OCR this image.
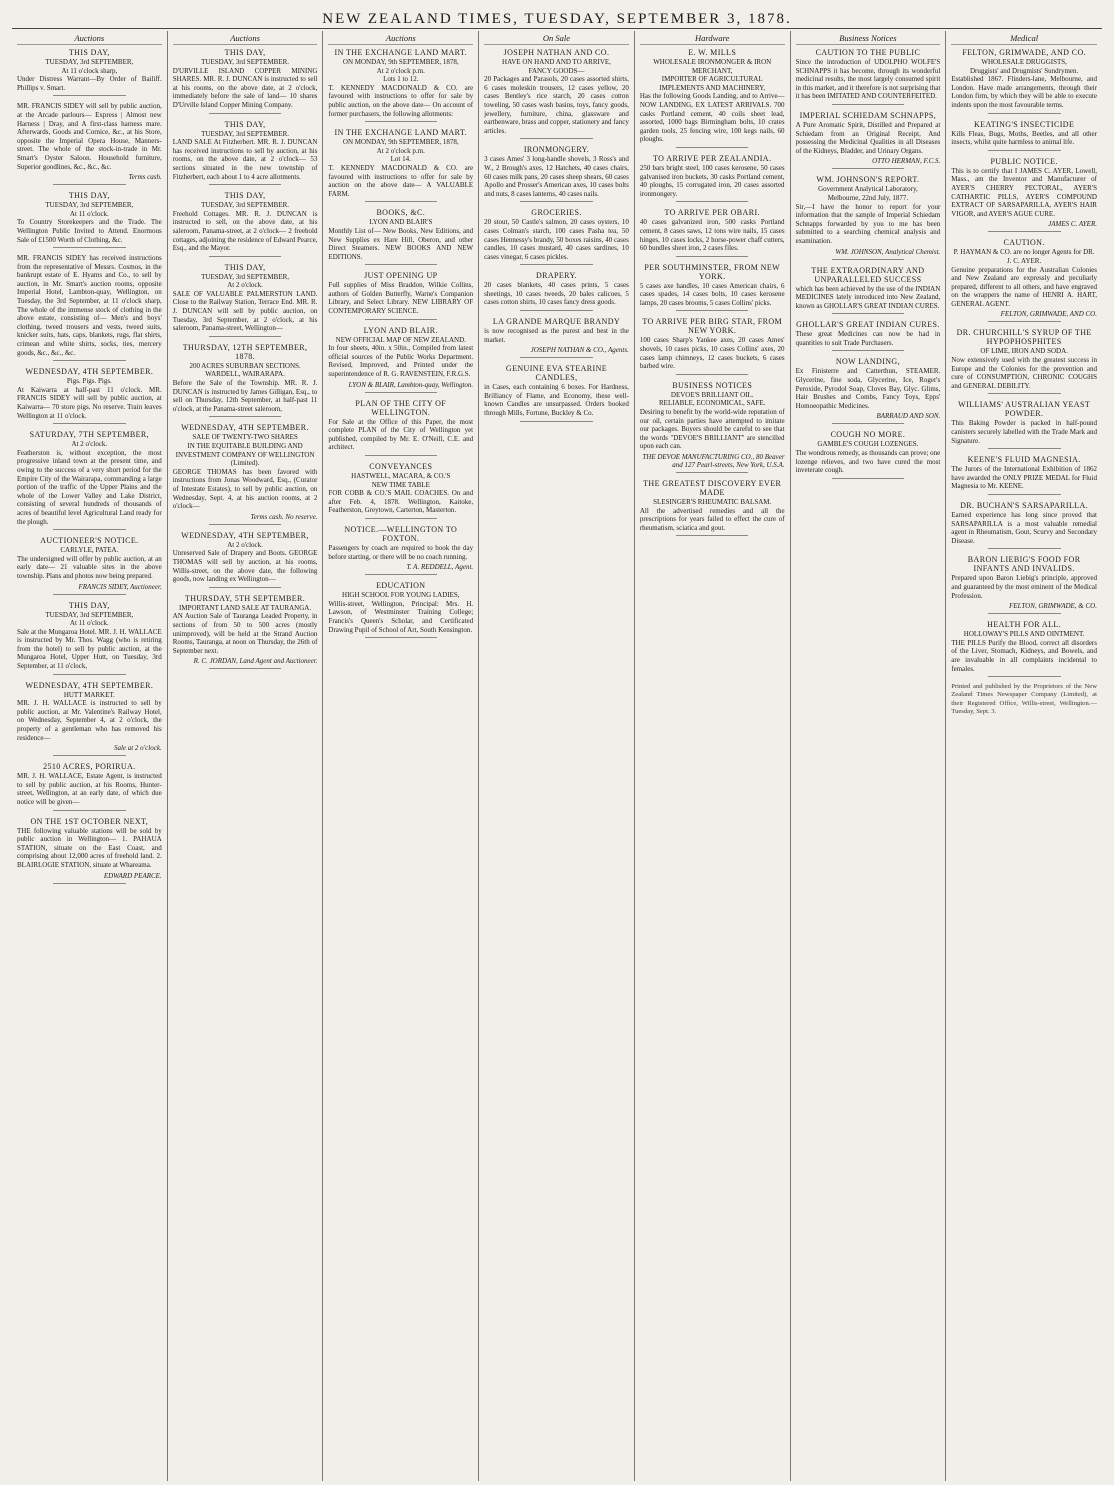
NEW ZEALAND TIMES, TUESDAY, SEPTEMBER 3, 1878.
Auctions
THIS DAY,
TUESDAY, 3rd SEPTEMBER,
At 11 o'clock sharp,
Under Distress Warrant—By Order of Bailiff. Phillips v. Smart.
MR. FRANCIS SIDEY will sell by public auction, at the Arcade parlours— Express | Almost new Harness | Dray, and A first-class harness mare. Afterwards, Goods and Cornice, &c., at his Store, opposite the Imperial Opera House, Manners-street. The whole of the stock-in-trade in Mr. Smart's Oyster Saloon. Household furniture, Superior goodlines, &c., &c., &c.
Terms cash.
THIS DAY,
TUESDAY, 3rd SEPTEMBER,
At 11 o'clock.
To Country Storekeepers and the Trade. The Wellington Public Invited to Attend. Enormous Sale of £1500 Worth of Clothing, &c.
MR. FRANCIS SIDEY has received instructions from the representative of Messrs. Cosmos, in the bankrupt estate of E. Hyams and Co., to sell by auction, in Mr. Smart's auction rooms, opposite Imperial Hotel, Lambton-quay, Wellington, on Tuesday, the 3rd September, at 11 o'clock sharp, The whole of the immense stock of clothing in the above estate, consisting of— Men's and boys' clothing, tweed trousers and vests, tweed suits, knicker suits, hats, caps, blankets, rugs, flat shirts, crimean and white shirts, socks, ties, mercery goods, &c., &c., &c.
WEDNESDAY, 4TH SEPTEMBER.
Pigs. Pigs. Pigs.
At Kaiwarra at half-past 11 o'clock. MR. FRANCIS SIDEY will sell by public auction, at Kaiwarra— 70 store pigs. No reserve. Train leaves Wellington at 11 o'clock.
SATURDAY, 7TH SEPTEMBER,
At 2 o'clock.
Featherston is, without exception, the most progressive inland town at the present time, and owing to the success of a very short period for the Empire City of the Wairarapa, commanding a large portion of the traffic of the Upper Plains and the whole of the Lower Valley and Lake District, consisting of several hundreds of thousands of acres of beautiful level Agricultural Land ready for the plough.
AUCTIONEER'S NOTICE.
CARLYLE, PATEA.
The undersigned will offer by public auction, at an early date— 21 valuable sites in the above township. Plans and photos now being prepared.
FRANCIS SIDEY, Auctioneer.
THIS DAY,
TUESDAY, 3rd SEPTEMBER,
At 11 o'clock.
Sale at the Mungaroa Hotel. MR. J. H. WALLACE is instructed by Mr. Thos. Wagg (who is retiring from the hotel) to sell by public auction, at the Mungaroa Hotel, Upper Hutt, on Tuesday, 3rd September, at 11 o'clock,
WEDNESDAY, 4TH SEPTEMBER.
HUTT MARKET.
MR. J. H. WALLACE is instructed to sell by public auction, at Mr. Valentine's Railway Hotel, on Wednesday, September 4, at 2 o'clock, the property of a gentleman who has removed his residence—
Sale at 2 o'clock.
2510 ACRES, PORIRUA.
MR. J. H. WALLACE, Estate Agent, is instructed to sell by public auction, at his Rooms, Hunter-street, Wellington, at an early date, of which due notice will be given—
ON THE 1ST OCTOBER NEXT,
THE following valuable stations will be sold by public auction in Wellington— 1. PAHAUA STATION, situate on the East Coast, and comprising about 12,000 acres of freehold land. 2. BLAIRLOGIE STATION, situate at Whareama.
EDWARD PEARCE.
Auctions
THIS DAY,
TUESDAY, 3rd SEPTEMBER.
D'URVILLE ISLAND COPPER MINING SHARES. MR. R. J. DUNCAN is instructed to sell at his rooms, on the above date, at 2 o'clock, immediately before the sale of land— 10 shares D'Urville Island Copper Mining Company.
THIS DAY,
TUESDAY, 3rd SEPTEMBER.
LAND SALE At Fitzherbert. MR. R. J. DUNCAN has received instructions to sell by auction, at his rooms, on the above date, at 2 o'clock— 53 sections situated in the new township of Fitzherbert, each about 1 to 4 acre allotments.
THIS DAY,
TUESDAY, 3rd SEPTEMBER.
Freehold Cottages. MR. R. J. DUNCAN is instructed to sell, on the above date, at his saleroom, Panama-street, at 2 o'clock— 2 freehold cottages, adjoining the residence of Edward Pearce, Esq., and the Mayor.
THIS DAY,
TUESDAY, 3rd SEPTEMBER,
At 2 o'clock.
SALE OF VALUABLE PALMERSTON LAND. Close to the Railway Station, Terrace End. MR. R. J. DUNCAN will sell by public auction, on Tuesday, 3rd September, at 2 o'clock, at his saleroom, Panama-street, Wellington—
THURSDAY, 12TH SEPTEMBER, 1878.
200 ACRES SUBURBAN SECTIONS.
WARDELL, WAIRARAPA.
Before the Sale of the Township. MR. R. J. DUNCAN is instructed by James Gilligan, Esq., to sell on Thursday, 12th September, at half-past 11 o'clock, at the Panama-street saleroom,
WEDNESDAY, 4TH SEPTEMBER.
SALE OF TWENTY-TWO SHARES
IN THE EQUITABLE BUILDING AND INVESTMENT COMPANY OF WELLINGTON (Limited).
GEORGE THOMAS has been favored with instructions from Jonas Woodward, Esq., (Curator of Intestate Estates), to sell by public auction, on Wednesday, Sept. 4, at his auction rooms, at 2 o'clock—
Terms cash. No reserve.
WEDNESDAY, 4TH SEPTEMBER,
At 2 o'clock.
Unreserved Sale of Drapery and Boots. GEORGE THOMAS will sell by auction, at his rooms, Willis-street, on the above date, the following goods, now landing ex Wellington—
THURSDAY, 5TH SEPTEMBER.
IMPORTANT LAND SALE AT TAURANGA.
AN Auction Sale of Tauranga Leaded Property, in sections of from 50 to 500 acres (mostly unimproved), will be held at the Strand Auction Rooms, Tauranga, at noon on Thursday, the 26th of September next.
R. C. JORDAN, Land Agent and Auctioneer.
Auctions
IN THE EXCHANGE LAND MART.
ON MONDAY, 9th SEPTEMBER, 1878,
At 2 o'clock p.m.
Lots 1 to 12.
T. KENNEDY MACDONALD & CO. are favoured with instructions to offer for sale by public auction, on the above date— On account of former purchasers, the following allotments:
IN THE EXCHANGE LAND MART.
ON MONDAY, 9th SEPTEMBER, 1878,
At 2 o'clock p.m.
Lot 14.
T. KENNEDY MACDONALD & CO. are favoured with instructions to offer for sale by auction on the above date— A VALUABLE FARM.
BOOKS, &C.
LYON AND BLAIR'S
Monthly List of— New Books, New Editions, and New Supplies ex Hare Hill, Oberon, and other Direct Steamers. NEW BOOKS AND NEW EDITIONS.
JUST OPENING UP
Full supplies of Miss Braddon, Wilkie Collins, authors of Golden Butterfly, Warne's Companion Library, and Select Library. NEW LIBRARY OF CONTEMPORARY SCIENCE.
LYON AND BLAIR.
NEW OFFICIAL MAP OF NEW ZEALAND.
In four sheets, 40in. x 50in., Compiled from latest official sources of the Public Works Department. Revised, Improved, and Printed under the superintendence of R. G. RAVENSTEIN, F.R.G.S.
LYON & BLAIR, Lambton-quay, Wellington.
PLAN OF THE CITY OF WELLINGTON.
For Sale at the Office of this Paper, the most complete PLAN of the City of Wellington yet published, compiled by Mr. E. O'Neill, C.E. and architect.
CONVEYANCES
HASTWELL, MACARA, & CO.'S
NEW TIME TABLE
FOR COBB & CO.'S MAIL COACHES. On and after Feb. 4, 1878. Wellington, Kaitoke, Featherston, Greytown, Carterton, Masterton.
NOTICE.—WELLINGTON TO FOXTON.
Passengers by coach are required to book the day before starting, or there will be no coach running.
T. A. REDDELL, Agent.
EDUCATION
HIGH SCHOOL FOR YOUNG LADIES,
Willis-street, Wellington, Principal: Mrs. H. Lawson, of Westminster Training College; Francis's Queen's Scholar, and Certificated Drawing Pupil of School of Art, South Kensington.
On Sale
JOSEPH NATHAN AND CO.
HAVE ON HAND AND TO ARRIVE,
FANCY GOODS—
20 Packages and Parasols, 20 cases assorted shirts, 6 cases moleskin trousers, 12 cases yellow, 20 cases Bentley's rice starch, 20 cases cotton toweling, 50 cases wash basins, toys, fancy goods, jewellery, furniture, china, glassware and earthenware, brass and copper, stationery and fancy articles.
IRONMONGERY.
3 cases Ames' 3 long-handle shovels, 3 Ross's and W., 2 Brough's axes, 12 Hatchets, 40 cases chairs, 60 cases milk pans, 20 cases sheep shears, 60 cases Apollo and Prosser's American axes, 10 cases bolts and nuts, 8 cases lanterns, 40 cases nails.
GROCERIES.
20 stout, 50 Castle's salmon, 20 cases oysters, 10 cases Colman's starch, 100 cases Pasha tea, 50 cases Hennessy's brandy, 50 boxes raisins, 40 cases candles, 10 cases mustard, 40 cases sardines, 10 cases vinegar, 6 cases pickles.
DRAPERY.
20 cases blankets, 40 cases prints, 5 cases sheetings, 10 cases tweeds, 20 bales calicoes, 5 cases cotton shirts, 10 cases fancy dress goods.
LA GRANDE MARQUE BRANDY
is now recognised as the purest and best in the market.
JOSEPH NATHAN & CO., Agents.
GENUINE EVA STEARINE CANDLES,
in Cases, each containing 6 boxes. For Hardness, Brilliancy of Flame, and Economy, these well-known Candles are unsurpassed. Orders booked through Mills, Fortune, Buckley & Co.
Hardware
E. W. MILLS
WHOLESALE IRONMONGER & IRON MERCHANT,
IMPORTER OF AGRICULTURAL IMPLEMENTS AND MACHINERY,
Has the following Goods Landing, and to Arrive— NOW LANDING, EX LATEST ARRIVALS. 700 casks Portland cement, 40 coils sheet lead, assorted, 1000 bags Birmingham bolts, 10 crates garden tools, 25 fencing wire, 100 kegs nails, 60 ploughs.
TO ARRIVE PER ZEALANDIA.
250 bars bright steel, 100 cases kerosene, 50 cases galvanised iron buckets, 30 casks Portland cement, 40 ploughs, 15 corrugated iron, 20 cases assorted ironmongery.
TO ARRIVE PER OBARI.
40 cases galvanized iron, 500 casks Portland cement, 8 cases saws, 12 tons wire nails, 15 cases hinges, 10 cases locks, 2 horse-power chaff cutters, 60 bundles sheet iron, 2 cases files.
PER SOUTHMINSTER, FROM NEW YORK.
5 cases axe handles, 10 cases American chairs, 6 cases spades, 14 cases bolts, 10 cases kerosene lamps, 20 cases brooms, 5 cases Collins' picks.
TO ARRIVE PER BIRG STAR, FROM NEW YORK.
100 cases Sharp's Yankee axes, 20 cases Ames' shovels, 10 cases picks, 10 cases Collins' axes, 20 cases lamp chimneys, 12 cases buckets, 6 cases barbed wire.
BUSINESS NOTICES
DEVOE'S BRILLIANT OIL.
RELIABLE, ECONOMICAL, SAFE.
Desiring to benefit by the world-wide reputation of our oil, certain parties have attempted to imitate our packages. Buyers should be careful to see that the words "DEVOE'S BRILLIANT" are stencilled upon each can.
THE DEVOE MANUFACTURING CO., 80 Beaver and 127 Pearl-streets, New York, U.S.A.
THE GREATEST DISCOVERY EVER MADE
SLESINGER'S RHEUMATIC BALSAM.
All the advertised remedies and all the prescriptions for years failed to effect the cure of rheumatism, sciatica and gout.
Business Notices
CAUTION TO THE PUBLIC
Since the introduction of UDOLPHO WOLFE'S SCHNAPPS it has become, through its wonderful medicinal results, the most largely consumed spirit in this market, and it therefore is not surprising that it has been IMITATED AND COUNTERFEITED.
IMPERIAL SCHIEDAM SCHNAPPS,
A Pure Aromatic Spirit, Distilled and Prepared at Schiedam from an Original Receipt, And possessing the Medicinal Qualities in all Diseases of the Kidneys, Bladder, and Urinary Organs.
OTTO HERMAN, F.C.S.
WM. JOHNSON'S REPORT.
Government Analytical Laboratory,
Melbourne, 22nd July, 1877.
Sir,—I have the honor to report for your information that the sample of Imperial Schiedam Schnapps forwarded by you to me has been submitted to a searching chemical analysis and examination.
WM. JOHNSON, Analytical Chemist.
THE EXTRAORDINARY AND UNPARALLELED SUCCESS
which has been achieved by the use of the INDIAN MEDICINES lately introduced into New Zealand, known as GHOLLAR'S GREAT INDIAN CURES.
GHOLLAR'S GREAT INDIAN CURES.
These great Medicines can now be had in quantities to suit Trade Purchasers.
NOW LANDING,
Ex Finisterre and Catterthun, STEAMER. Glycerine, fine soda, Glycerine, Ice, Roger's Peroxide, Pyrodol Soap, Cloves Bay, Glyc. Glims, Hair Brushes and Combs, Fancy Toys, Epps' Homoeopathic Medicines.
BARRAUD AND SON.
COUGH NO MORE.
GAMBLE'S COUGH LOZENGES.
The wondrous remedy, as thousands can prove; one lozenge relieves, and two have cured the most inveterate cough.
Medical
FELTON, GRIMWADE, AND CO.
WHOLESALE DRUGGISTS,
Druggists' and Drugmists' Sundrymen.
Established 1867. Flinders-lane, Melbourne, and London. Have made arrangements, through their London firm, by which they will be able to execute indents upon the most favourable terms.
KEATING'S INSECTICIDE
Kills Fleas, Bugs, Moths, Beetles, and all other insects, whilst quite harmless to animal life.
PUBLIC NOTICE.
This is to certify that I JAMES C. AYER, Lowell, Mass., am the Inventor and Manufacturer of AYER'S CHERRY PECTORAL, AYER'S CATHARTIC PILLS, AYER'S COMPOUND EXTRACT OF SARSAPARILLA, AYER'S HAIR VIGOR, and AYER'S AGUE CURE.
JAMES C. AYER.
CAUTION.
P. HAYMAN & CO. are no longer Agents for DR. J. C. AYER.
Genuine preparations for the Australian Colonies and New Zealand are expressly and peculiarly prepared, different to all others, and have engraved on the wrappers the name of HENRI A. HART, GENERAL AGENT.
FELTON, GRIMWADE, AND CO.
DR. CHURCHILL'S SYRUP OF THE HYPOPHOSPHITES
OF LIME, IRON AND SODA.
Now extensively used with the greatest success in Europe and the Colonies for the prevention and cure of CONSUMPTION, CHRONIC COUGHS and GENERAL DEBILITY.
WILLIAMS' AUSTRALIAN YEAST POWDER.
This Baking Powder is packed in half-pound canisters securely labelled with the Trade Mark and Signature.
KEENE'S FLUID MAGNESIA.
The Jurors of the International Exhibition of 1862 have awarded the ONLY PRIZE MEDAL for Fluid Magnesia to Mr. KEENE.
DR. BUCHAN'S SARSAPARILLA.
Earned experience has long since proved that SARSAPARILLA is a most valuable remedial agent in Rheumatism, Gout, Scurvy and Secondary Disease.
BARON LIEBIG'S FOOD FOR INFANTS AND INVALIDS.
Prepared upon Baron Liebig's principle, approved and guaranteed by the most eminent of the Medical Profession.
FELTON, GRIMWADE, & CO.
HEALTH FOR ALL.
HOLLOWAY'S PILLS AND OINTMENT.
THE PILLS Purify the Blood, correct all disorders of the Liver, Stomach, Kidneys, and Bowels, and are invaluable in all complaints incidental to females.
Printed and published by the Proprietors of the New Zealand Times Newspaper Company (Limited), at their Registered Office, Willis-street, Wellington.—Tuesday, Sept. 3.
